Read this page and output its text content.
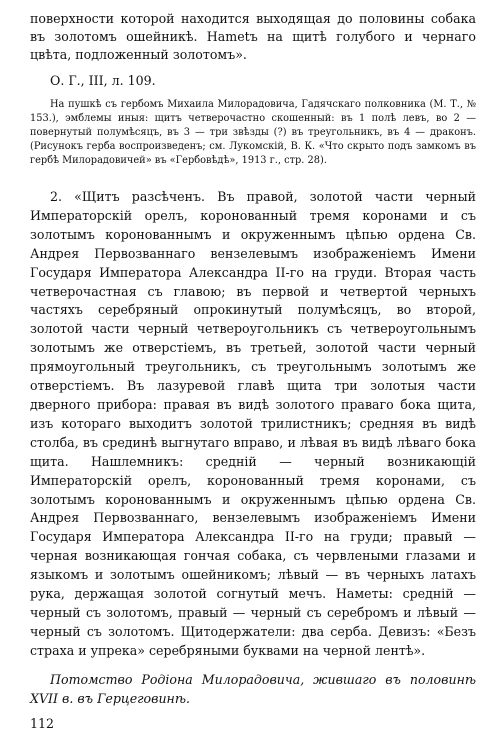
поверхности которой находится выходящая до половины собака въ золотомъ ошейникѣ. Нametъ на щитѣ голубого и чернаго цвѣта, подложенный золотомъ».

О. Г., III, л. 109.

На пушкѣ съ гербомъ Михаила Милорадовича, Гадячскаго полковника (М. Т., № 153.), эмблемы иныя: щитъ четверочастно скошенный: въ 1 полѣ левъ, во 2 — повернутый полумѣсяцъ, въ 3 — три звѣзды (?) въ треугольникъ, въ 4 — драконъ. (Рисунокъ герба воспроизведенъ; см. Лукомскій, В. К. «Что скрыто подъ замкомъ въ гербѣ Милорадовичей» въ «Гербовѣдѣ», 1913 г., стр. 28).

2. «Щитъ разсѣченъ. Въ правой, золотой части черный Императорскій орелъ, коронованный тремя коронами и съ золотымъ коронованнымъ и окруженнымъ цѣпью ордена Св. Андрея Первозваннаго вензелевымъ изображеніемъ Имени Государя Императора Александра II-го на груди. Вторая часть четверочастная съ главою; въ первой и четвертой черныхъ частяхъ серебряный опрокинутый полумѣсяцъ, во второй, золотой части черный четвероугольникъ съ четвероугольнымъ золотымъ же отверстіемъ, въ третьей, золотой части черный прямоугольный треугольникъ, съ треугольнымъ золотымъ же отверстіемъ. Въ лазуревой главѣ щита три золотыя части дверного прибора: правая въ видѣ золотого праваго бока щита, изъ котораго выходитъ золотой трилистникъ; средняя въ видѣ столба, въ срединѣ выгнутаго вправо, и лѣвая въ видѣ лѣваго бока щита. Нашлемникъ: средній — черный возникающій Императорскій орелъ, коронованный тремя коронами, съ золотымъ коронованнымъ и окруженнымъ цѣпью ордена Св. Андрея Первозваннаго, вензелевымъ изображеніемъ Имени Государя Императора Александра II-го на груди; правый — черная возникающая гончая собака, съ червлеными глазами и языкомъ и золотымъ ошейникомъ; лѣвый — въ черныхъ латахъ рука, держащая золотой согнутый мечъ. Наметы: средній — черный съ золотомъ, правый — черный съ серебромъ и лѣвый — черный съ золотомъ. Щитодержатели: два серба. Девизъ: «Безъ страха и упрека» серебряными буквами на черной лентѣ».

Потомство Родіона Милорадовича, жившаго въ половинѣ XVII в. въ Герцеговинѣ.

112
